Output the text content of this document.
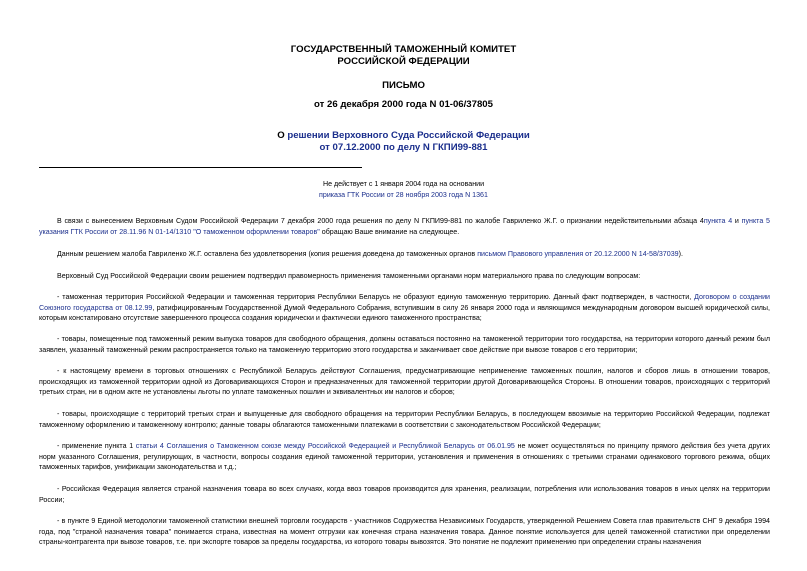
ГОСУДАРСТВЕННЫЙ ТАМОЖЕННЫЙ КОМИТЕТ
РОССИЙСКОЙ ФЕДЕРАЦИИ
ПИСЬМО
от 26 декабря 2000 года N 01-06/37805
О решении Верховного Суда Российской Федерации
от 07.12.2000 по делу N ГКПИ99-881
Не действует с 1 января 2004 года на основании
приказа ГТК России от 28 ноября 2003 года N 1361

В связи с вынесением Верховным Судом Российской Федерации 7 декабря 2000 года решения по делу N ГКПИ99-881 по жалобе Гавриленко Ж.Г. о признании недействительными абзаца 4пункта 4 и пункта 5 указания ГТК России от 28.11.96 N 01-14/1310 "О таможенном оформлении товаров" обращаю Ваше внимание на следующее.

Данным решением жалоба Гавриленко Ж.Г. оставлена без удовлетворения (копия решения доведена до таможенных органов письмом Правового управления от 20.12.2000 N 14-58/37039).

Верховный Суд Российской Федерации своим решением подтвердил правомерность применения таможенными органами норм материального права по следующим вопросам:

- таможенная территория Российской Федерации и таможенная территория Республики Беларусь не образуют единую таможенную территорию. Данный факт подтвержден, в частности, Договором о создании Союзного государства от 08.12.99, ратифицированным Государственной Думой Федерального Собрания, вступившим в силу 26 января 2000 года и являющимся международным договором высшей юридической силы, которым констатировано отсутствие завершенного процесса создания юридически и фактически единого таможенного пространства;

- товары, помещенные под таможенный режим выпуска товаров для свободного обращения, должны оставаться постоянно на таможенной территории того государства, на территории которого данный режим был заявлен, указанный таможенный режим распространяется только на таможенную территорию этого государства и заканчивает свое действие при вывозе товаров с его территории;

- к настоящему времени в торговых отношениях с Республикой Беларусь действуют Соглашения, предусматривающие неприменение таможенных пошлин, налогов и сборов лишь в отношении товаров, происходящих из таможенной территории одной из Договаривающихся Сторон и предназначенных для таможенной территории другой Договаривающейся Стороны. В отношении товаров, происходящих с территорий третьих стран, ни в одном акте не установлены льготы по уплате таможенных пошлин и эквивалентных им налогов и сборов;

- товары, происходящие с территорий третьих стран и выпущенные для свободного обращения на территории Республики Беларусь, в последующем ввозимые на территорию Российской Федерации, подлежат таможенному оформлению и таможенному контролю; данные товары облагаются таможенными платежами в соответствии с законодательством Российской Федерации;

- применение пункта 1 статьи 4 Соглашения о Таможенном союзе между Российской Федерацией и Республикой Беларусь от 06.01.95 не может осуществляться по принципу прямого действия без учета других норм указанного Соглашения, регулирующих, в частности, вопросы создания единой таможенной территории, установления и применения в отношениях с третьими странами одинакового торгового режима, общих таможенных тарифов, унификации законодательства и т.д.;

- Российская Федерация является страной назначения товара во всех случаях, когда ввоз товаров производится для хранения, реализации, потребления или использования товаров в иных целях на территории России;

- в пункте 9 Единой методологии таможенной статистики внешней торговли государств - участников Содружества Независимых Государств, утвержденной Решением Совета глав правительств СНГ 9 декабря 1994 года, под "страной назначения товара" понимается страна, известная на момент отгрузки как конечная страна назначения товара. Данное понятие используется для целей таможенной статистики при определении страны-контрагента при вывозе товаров, т.е. при экспорте товаров за пределы государства, из которого товары вывозятся. Это понятие не подлежит применению при определении страны назначения
